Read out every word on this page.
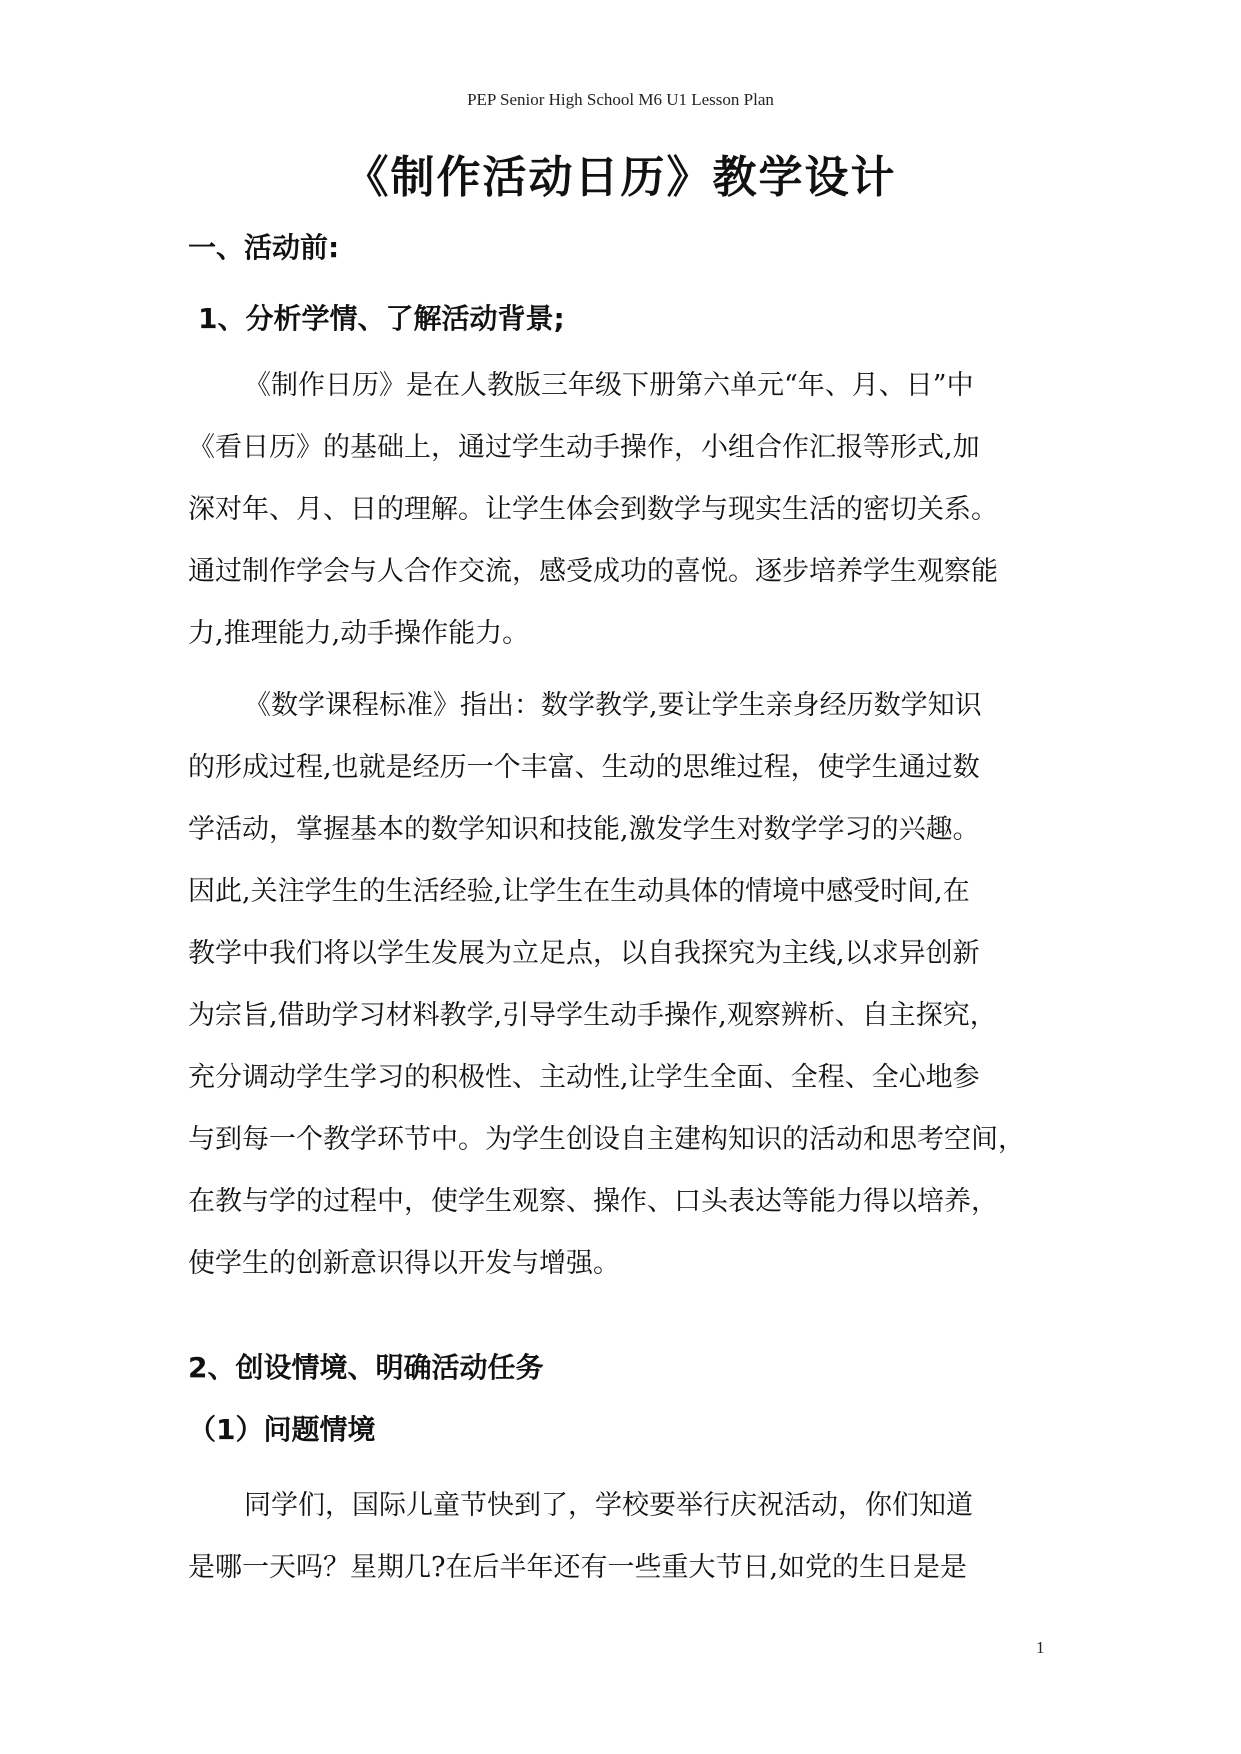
PEP Senior High School M6 U1 Lesson Plan
《制作活动日历》教学设计
一、活动前:
1、分析学情、了解活动背景;
《制作日历》是在人教版三年级下册第六单元“年、月、日”中
《看日历》的基础上，通过学生动手操作，小组合作汇报等形式,加
深对年、月、日的理解。让学生体会到数学与现实生活的密切关系。
通过制作学会与人合作交流，感受成功的喜悦。逐步培养学生观察能
力,推理能力,动手操作能力。
《数学课程标准》指出：数学教学,要让学生亲身经历数学知识
的形成过程,也就是经历一个丰富、生动的思维过程，使学生通过数
学活动，掌握基本的数学知识和技能,激发学生对数学学习的兴趣。
因此,关注学生的生活经验,让学生在生动具体的情境中感受时间,在
教学中我们将以学生发展为立足点，以自我探究为主线,以求异创新
为宗旨,借助学习材料教学,引导学生动手操作,观察辨析、自主探究，
充分调动学生学习的积极性、主动性,让学生全面、全程、全心地参
与到每一个教学环节中。为学生创设自主建构知识的活动和思考空间，
在教与学的过程中，使学生观察、操作、口头表达等能力得以培养，
使学生的创新意识得以开发与增强。
2、创设情境、明确活动任务
（1）问题情境
同学们，国际儿童节快到了，学校要举行庆祝活动，你们知道
是哪一天吗？星期几?在后半年还有一些重大节日,如党的生日是是
1
